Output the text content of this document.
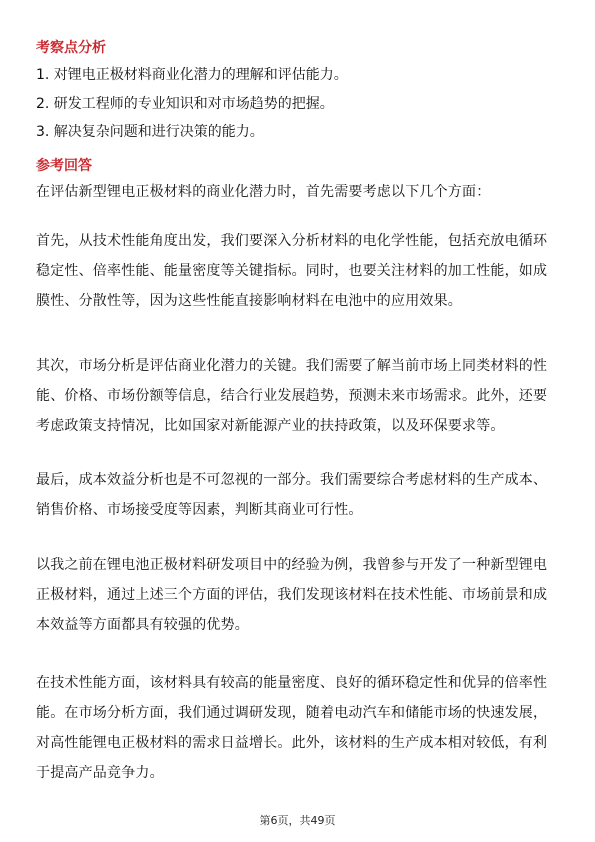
考察点分析
1. 对锂电正极材料商业化潜力的理解和评估能力。
2. 研发工程师的专业知识和对市场趋势的把握。
3. 解决复杂问题和进行决策的能力。
参考回答
在评估新型锂电正极材料的商业化潜力时，首先需要考虑以下几个方面：
首先，从技术性能角度出发，我们要深入分析材料的电化学性能，包括充放电循环
稳定性、倍率性能、能量密度等关键指标。同时，也要关注材料的加工性能，如成
膜性、分散性等，因为这些性能直接影响材料在电池中的应用效果。
其次，市场分析是评估商业化潜力的关键。我们需要了解当前市场上同类材料的性
能、价格、市场份额等信息，结合行业发展趋势，预测未来市场需求。此外，还要
考虑政策支持情况，比如国家对新能源产业的扶持政策，以及环保要求等。
最后，成本效益分析也是不可忽视的一部分。我们需要综合考虑材料的生产成本、
销售价格、市场接受度等因素，判断其商业可行性。
以我之前在锂电池正极材料研发项目中的经验为例，我曾参与开发了一种新型锂电
正极材料，通过上述三个方面的评估，我们发现该材料在技术性能、市场前景和成
本效益等方面都具有较强的优势。
在技术性能方面，该材料具有较高的能量密度、良好的循环稳定性和优异的倍率性
能。在市场分析方面，我们通过调研发现，随着电动汽车和储能市场的快速发展，
对高性能锂电正极材料的需求日益增长。此外，该材料的生产成本相对较低，有利
于提高产品竞争力。
第6页，共49页
